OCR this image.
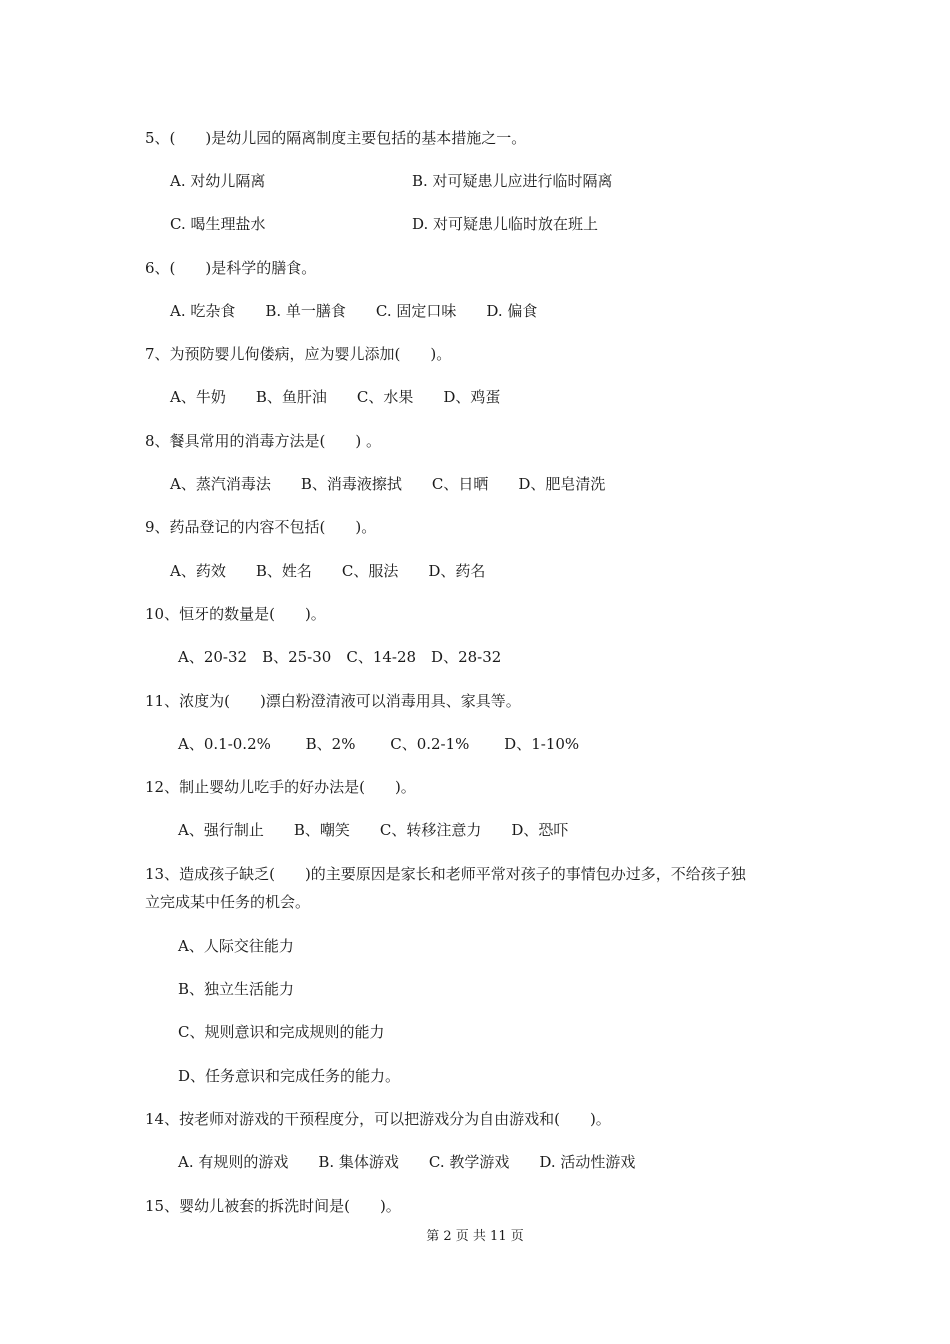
5、(　　)是幼儿园的隔离制度主要包括的基本措施之一。
A. 对幼儿隔离	B. 对可疑患儿应进行临时隔离
C. 喝生理盐水	D. 对可疑患儿临时放在班上
6、(　　)是科学的膳食。
A. 吃杂食　　B. 单一膳食　　C. 固定口味　　D. 偏食
7、为预防婴儿佝偻病，应为婴儿添加(　　)。
A、牛奶　　B、鱼肝油　　C、水果　　D、鸡蛋
8、餐具常用的消毒方法是(　　) 。
A、蒸汽消毒法　　B、消毒液擦拭　　C、日晒　　D、肥皂清洗
9、药品登记的内容不包括(　　)。
A、药效　　B、姓名　　C、服法　　D、药名
10、恒牙的数量是(　　)。
A、20-32　B、25-30　C、14-28　D、28-32
11、浓度为(　　)漂白粉澄清液可以消毒用具、家具等。
A、0.1-0.2%　　 B、2%　　 C、0.2-1%　　 D、1-10%
12、制止婴幼儿吃手的好办法是(　　)。
A、强行制止　　B、嘲笑　　C、转移注意力　　D、恐吓
13、造成孩子缺乏(　　)的主要原因是家长和老师平常对孩子的事情包办过多，不给孩子独
立完成某中任务的机会。
A、人际交往能力
B、独立生活能力
C、规则意识和完成规则的能力
D、任务意识和完成任务的能力。
14、按老师对游戏的干预程度分，可以把游戏分为自由游戏和(　　)。
A. 有规则的游戏　　B. 集体游戏　　C. 教学游戏　　D. 活动性游戏
15、婴幼儿被套的拆洗时间是(　　)。
第 2 页 共 11 页
